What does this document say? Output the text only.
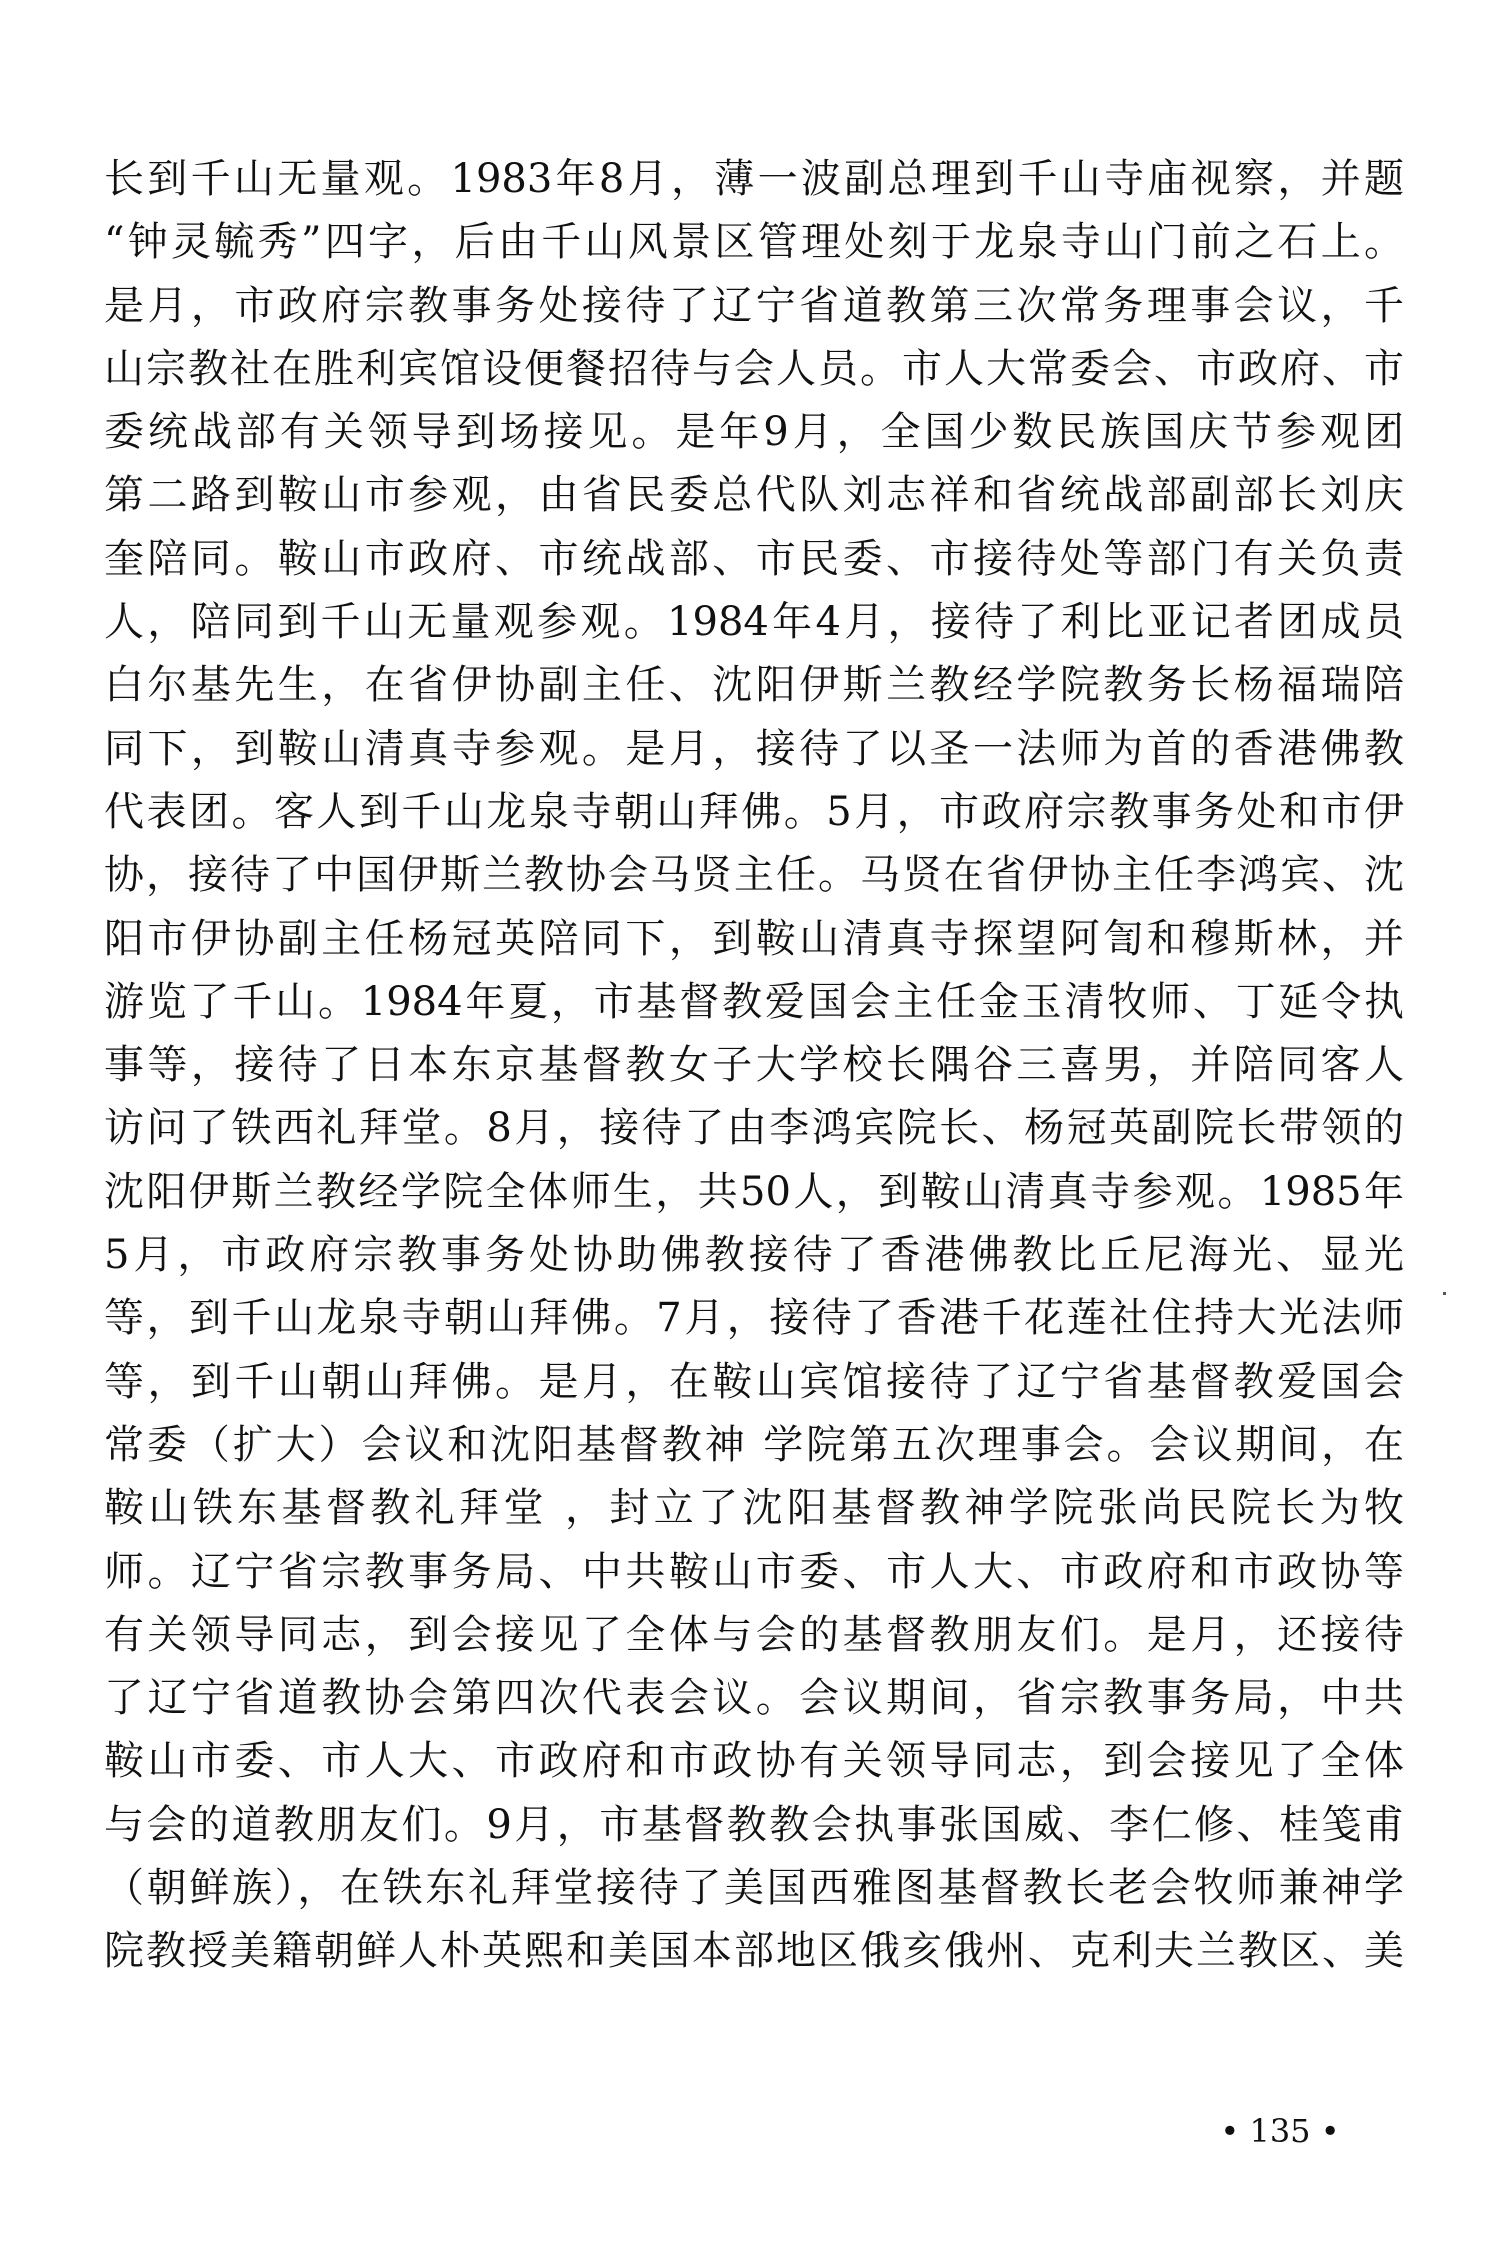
长到千山无量观。1983年8月，薄一波副总理到千山寺庙视察，并题
“钟灵毓秀”四字，后由千山风景区管理处刻于龙泉寺山门前之石上。
是月，市政府宗教事务处接待了辽宁省道教第三次常务理事会议，千
山宗教社在胜利宾馆设便餐招待与会人员。市人大常委会、市政府、市
委统战部有关领导到场接见。是年9月，全国少数民族国庆节参观团
第二路到鞍山市参观，由省民委总代队刘志祥和省统战部副部长刘庆
奎陪同。鞍山市政府、市统战部、市民委、市接待处等部门有关负责
人，陪同到千山无量观参观。1984年4月，接待了利比亚记者团成员
白尔基先生，在省伊协副主任、沈阳伊斯兰教经学院教务长杨福瑞陪
同下，到鞍山清真寺参观。是月，接待了以圣一法师为首的香港佛教
代表团。客人到千山龙泉寺朝山拜佛。5月，市政府宗教事务处和市伊
协，接待了中国伊斯兰教协会马贤主任。马贤在省伊协主任李鸿宾、沈
阳市伊协副主任杨冠英陪同下，到鞍山清真寺探望阿訇和穆斯林，并
游览了千山。1984年夏，市基督教爱国会主任金玉清牧师、丁延令执
事等，接待了日本东京基督教女子大学校长隅谷三喜男，并陪同客人
访问了铁西礼拜堂。8月，接待了由李鸿宾院长、杨冠英副院长带领的
沈阳伊斯兰教经学院全体师生，共50人，到鞍山清真寺参观。1985年
5月，市政府宗教事务处协助佛教接待了香港佛教比丘尼海光、显光
等，到千山龙泉寺朝山拜佛。7月，接待了香港千花莲社住持大光法师
等，到千山朝山拜佛。是月，在鞍山宾馆接待了辽宁省基督教爱国会
常委（扩大）会议和沈阳基督教神 学院第五次理事会。会议期间，在
鞍山铁东基督教礼拜堂 ，封立了沈阳基督教神学院张尚民院长为牧
师。辽宁省宗教事务局、中共鞍山市委、市人大、市政府和市政协等
有关领导同志，到会接见了全体与会的基督教朋友们。是月，还接待
了辽宁省道教协会第四次代表会议。会议期间，省宗教事务局，中共
鞍山市委、市人大、市政府和市政协有关领导同志，到会接见了全体
与会的道教朋友们。9月，市基督教教会执事张国威、李仁修、桂笺甫
（朝鲜族），在铁东礼拜堂接待了美国西雅图基督教长老会牧师兼神学
院教授美籍朝鲜人朴英熙和美国本部地区俄亥俄州、克利夫兰教区、美
• 135 •
